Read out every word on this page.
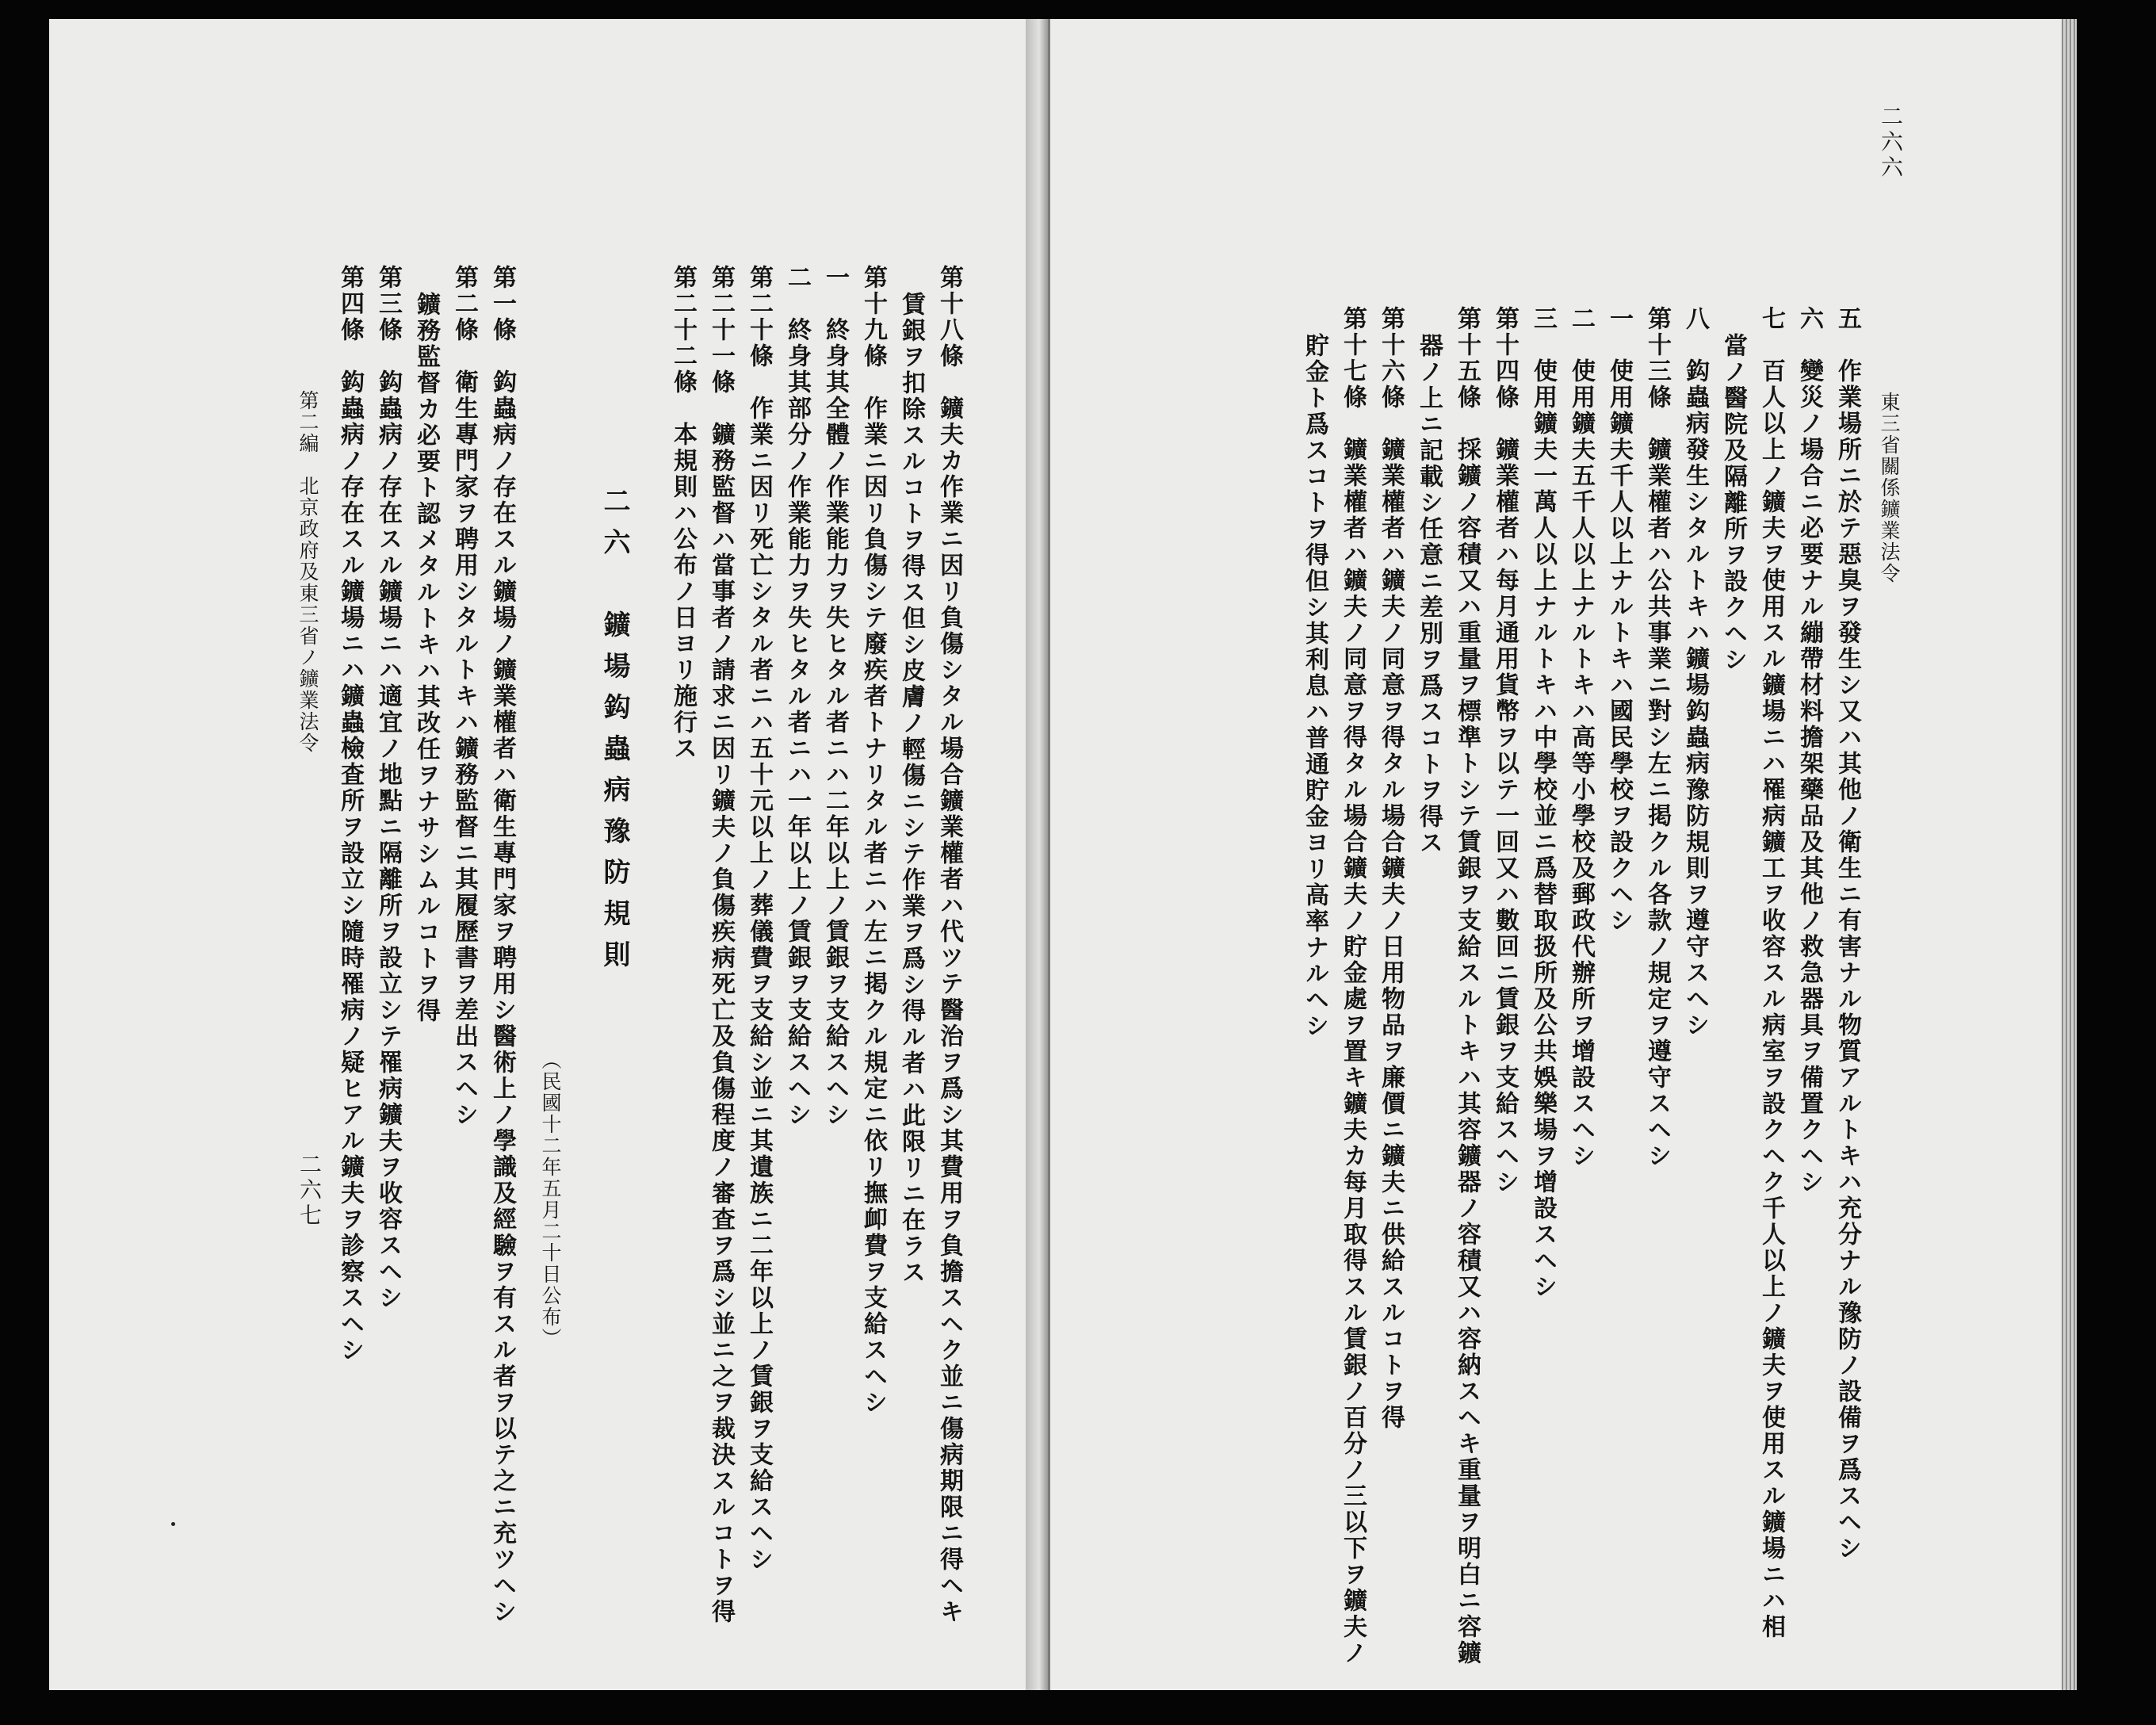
二六六
東三省關係鑛業法令
五　作業場所ニ於テ惡臭ヲ發生シ又ハ其他ノ衛生ニ有害ナル物質アルトキハ充分ナル豫防ノ設備ヲ爲スヘシ
六　變災ノ場合ニ必要ナル繃帶材料擔架藥品及其他ノ救急器具ヲ備置クヘシ
七　百人以上ノ鑛夫ヲ使用スル鑛場ニハ罹病鑛工ヲ收容スル病室ヲ設クヘク千人以上ノ鑛夫ヲ使用スル鑛場ニハ相
當ノ醫院及隔離所ヲ設クヘシ
八　鈎蟲病發生シタルトキハ鑛場鈎蟲病豫防規則ヲ遵守スヘシ
第十三條　鑛業權者ハ公共事業ニ對シ左ニ掲クル各款ノ規定ヲ遵守スヘシ
一　使用鑛夫千人以上ナルトキハ國民學校ヲ設クヘシ
二　使用鑛夫五千人以上ナルトキハ高等小學校及郵政代辦所ヲ增設スヘシ
三　使用鑛夫一萬人以上ナルトキハ中學校並ニ爲替取扱所及公共娛樂場ヲ增設スヘシ
第十四條　鑛業權者ハ每月通用貨幣ヲ以テ一回又ハ數回ニ賃銀ヲ支給スヘシ
第十五條　採鑛ノ容積又ハ重量ヲ標準トシテ賃銀ヲ支給スルトキハ其容鑛器ノ容積又ハ容納スヘキ重量ヲ明白ニ容鑛
器ノ上ニ記載シ任意ニ差別ヲ爲スコトヲ得ス
第十六條　鑛業權者ハ鑛夫ノ同意ヲ得タル場合鑛夫ノ日用物品ヲ廉價ニ鑛夫ニ供給スルコトヲ得
第十七條　鑛業權者ハ鑛夫ノ同意ヲ得タル場合鑛夫ノ貯金處ヲ置キ鑛夫カ每月取得スル賃銀ノ百分ノ三以下ヲ鑛夫ノ
貯金ト爲スコトヲ得但シ其利息ハ普通貯金ヨリ高率ナルヘシ
第十八條　鑛夫カ作業ニ因リ負傷シタル場合鑛業權者ハ代ツテ醫治ヲ爲シ其費用ヲ負擔スヘク並ニ傷病期限ニ得ヘキ
賃銀ヲ扣除スルコトヲ得ス但シ皮膚ノ輕傷ニシテ作業ヲ爲シ得ル者ハ此限リニ在ラス
第十九條　作業ニ因リ負傷シテ廢疾者トナリタル者ニハ左ニ掲クル規定ニ依リ撫卹費ヲ支給スヘシ
一　終身其全體ノ作業能力ヲ失ヒタル者ニハ二年以上ノ賃銀ヲ支給スヘシ
二　終身其部分ノ作業能力ヲ失ヒタル者ニハ一年以上ノ賃銀ヲ支給スヘシ
第二十條　作業ニ因リ死亡シタル者ニハ五十元以上ノ葬儀費ヲ支給シ並ニ其遺族ニ二年以上ノ賃銀ヲ支給スヘシ
第二十一條　鑛務監督ハ當事者ノ請求ニ因リ鑛夫ノ負傷疾病死亡及負傷程度ノ審査ヲ爲シ並ニ之ヲ裁決スルコトヲ得
第二十二條　本規則ハ公布ノ日ヨリ施行ス
二六　鑛場鈎蟲病豫防規則
（民國十二年五月二十日公布）
第一條　鈎蟲病ノ存在スル鑛場ノ鑛業權者ハ衛生專門家ヲ聘用シ醫術上ノ學識及經驗ヲ有スル者ヲ以テ之ニ充ツヘシ
第二條　衛生專門家ヲ聘用シタルトキハ鑛務監督ニ其履歷書ヲ差出スヘシ
鑛務監督カ必要ト認メタルトキハ其改任ヲナサシムルコトヲ得
第三條　鈎蟲病ノ存在スル鑛場ニハ適宜ノ地點ニ隔離所ヲ設立シテ罹病鑛夫ヲ收容スヘシ
第四條　鈎蟲病ノ存在スル鑛場ニハ鑛蟲檢査所ヲ設立シ隨時罹病ノ疑ヒアル鑛夫ヲ診察スヘシ
第二編　北京政府及東三省ノ鑛業法令
二六七
